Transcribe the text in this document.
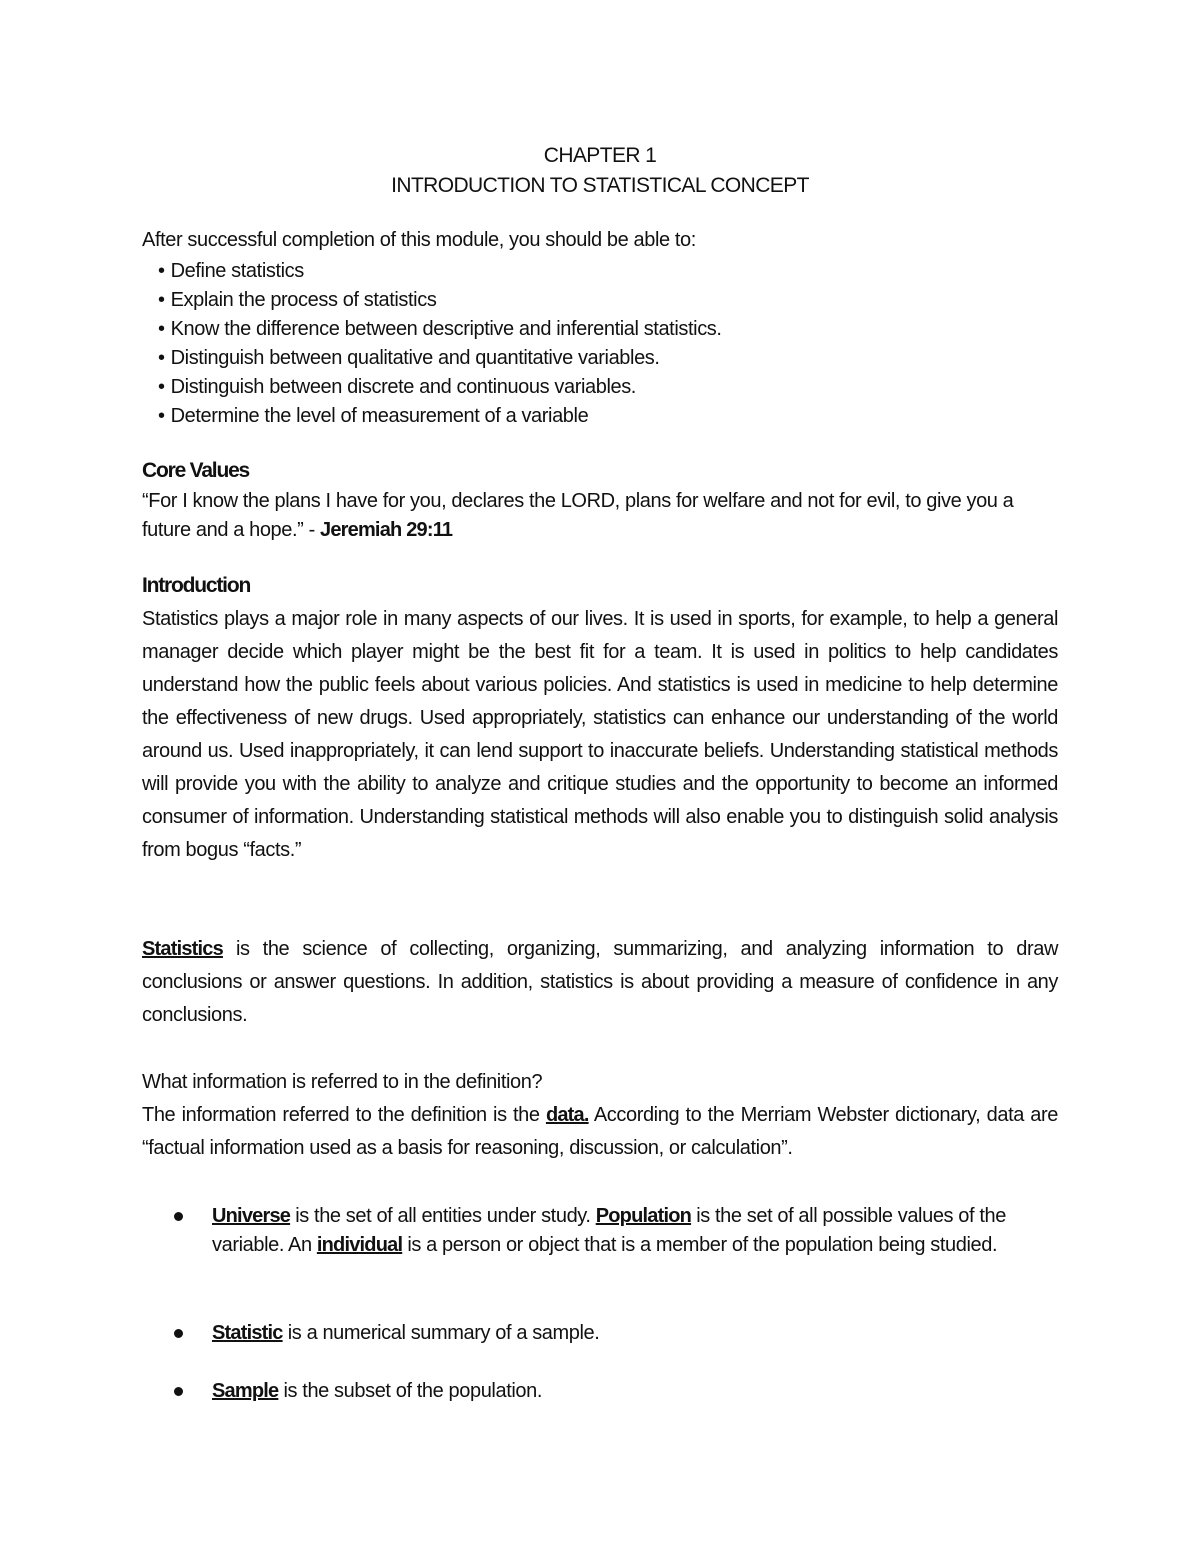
CHAPTER 1
INTRODUCTION TO STATISTICAL CONCEPT
After successful completion of this module, you should be able to:
• Define statistics
• Explain the process of statistics
• Know the difference between descriptive and inferential statistics.
• Distinguish between qualitative and quantitative variables.
• Distinguish between discrete and continuous variables.
• Determine the level of measurement of a variable
Core Values
“For I know the plans I have for you, declares the LORD, plans for welfare and not for evil, to give you a future and a hope.” - Jeremiah 29:11
Introduction
Statistics plays a major role in many aspects of our lives. It is used in sports, for example, to help a general manager decide which player might be the best fit for a team. It is used in politics to help candidates understand how the public feels about various policies. And statistics is used in medicine to help determine the effectiveness of new drugs. Used appropriately, statistics can enhance our understanding of the world around us. Used inappropriately, it can lend support to inaccurate beliefs. Understanding statistical methods will provide you with the ability to analyze and critique studies and the opportunity to become an informed consumer of information. Understanding statistical methods will also enable you to distinguish solid analysis from bogus “facts.”
Statistics is the science of collecting, organizing, summarizing, and analyzing information to draw conclusions or answer questions. In addition, statistics is about providing a measure of confidence in any conclusions.
What information is referred to in the definition?
The information referred to the definition is the data. According to the Merriam Webster dictionary, data are “factual information used as a basis for reasoning, discussion, or calculation”.
Universe is the set of all entities under study. Population is the set of all possible values of the variable. An individual is a person or object that is a member of the population being studied.
Statistic is a numerical summary of a sample.
Sample is the subset of the population.
